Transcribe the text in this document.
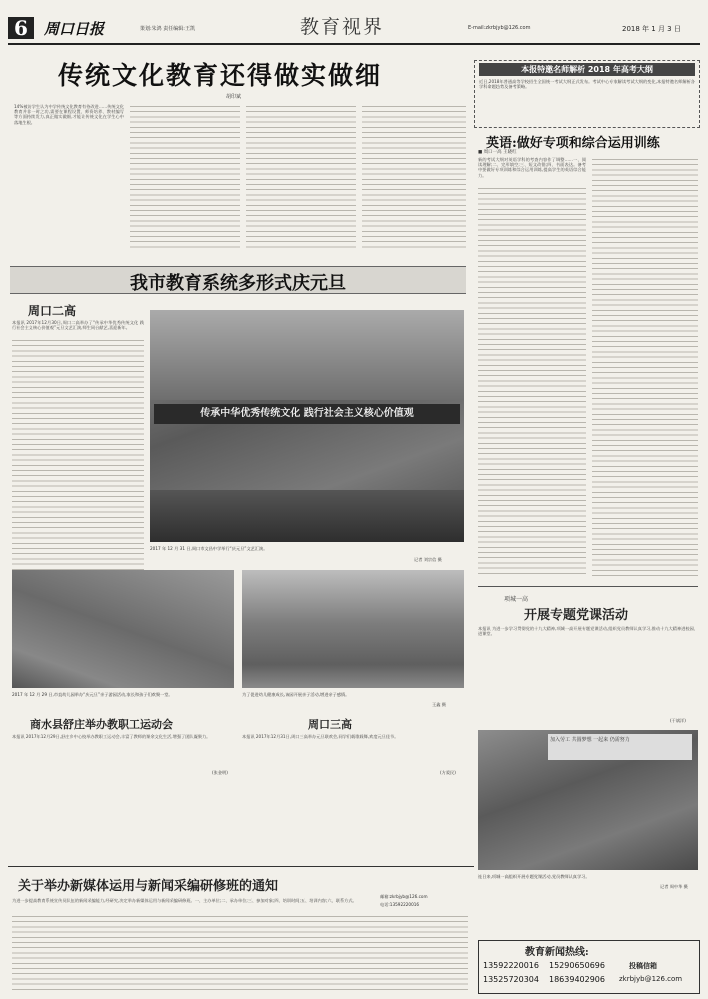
6	周口日报	策划:朱鸿 责任编辑:王凯	教育视界	E-mail:zkrbjyb@126.com	2018 年 1 月 3 日
传统文化教育还得做实做细
胡印斌
14%被访学生认为中学传统文化教育有待改进……传统文化教育并非一时之功,需要在课程设置、师资培养、教材编写等方面持续发力,真正做实做细,才能让传统文化在学生心中落地生根。
本报特邀名师解析 2018 年高考大纲
近日,2018年普通高等学校招生全国统一考试大纲正式发布。考试中心专家解读考试大纲的变化,本报特邀名师解析各学科命题趋势及备考策略。
英语:做好专项和综合运用训练
■ 周口一高 王晓红
新的考试大纲对英语学科的考查内容作了调整……一、阅读理解;二、完形填空;三、短文改错;四、书面表达。备考中要做好专项训练和综合运用训练,提高学生的英语综合能力。
我市教育系统多形式庆元旦
周口二高
本报讯 2017年12月30日,周口二高举办了“传承中华优秀传统文化 践行社会主义核心价值观”元旦文艺汇演,师生同台献艺,喜迎新年。
传承中华优秀传统文化 践行社会主义核心价值观
2017 年 12 月 31 日,周口市文昌中学举行“庆元旦”文艺汇演。
记者 刘宗信 摄
2017 年 12 月 29 日,市直幼儿园举办“庆元旦”亲子游园活动,家长和孩子们欢聚一堂。	为了促进幼儿健康成长,该园开展亲子活动,增进亲子感情。
王鑫 摄
商水县舒庄举办教职工运动会
本报讯 2017年12月29日,舒庄乡中心校举办教职工运动会,丰富了教师的课余文化生活,增强了团队凝聚力。
(张金明)
周口三高
本报讯 2017年12月31日,周口三高举办元旦联欢会,同学们载歌载舞,欢度元旦佳节。
(方爱民)
项城一高
开展专题党课活动
本报讯 为进一步学习贯彻党的十九大精神,项城一高开展专题党课活动,组织党员教师认真学习,推动十九大精神进校园、进课堂。
(于斌洋)
加入劳工 共圆梦想 一起来 仍需努力
连日来,项城一高组织开展专题党课活动,党员教师认真学习。
记者 周中华 摄
关于举办新媒体运用与新闻采编研修班的通知
为进一步提高教育系统宣传员队伍的新闻采编能力,经研究,决定举办新媒体运用与新闻采编研修班。一、主办单位;二、承办单位;三、参加对象;四、培训时间;五、培训内容;六、联系方式。
邮箱:zkrbjyb@126.com
电话:13592220016
教育新闻热线:
13592220016 15290650696
13525720304 18639402906
投稿信箱
zkrbjyb@126.com
